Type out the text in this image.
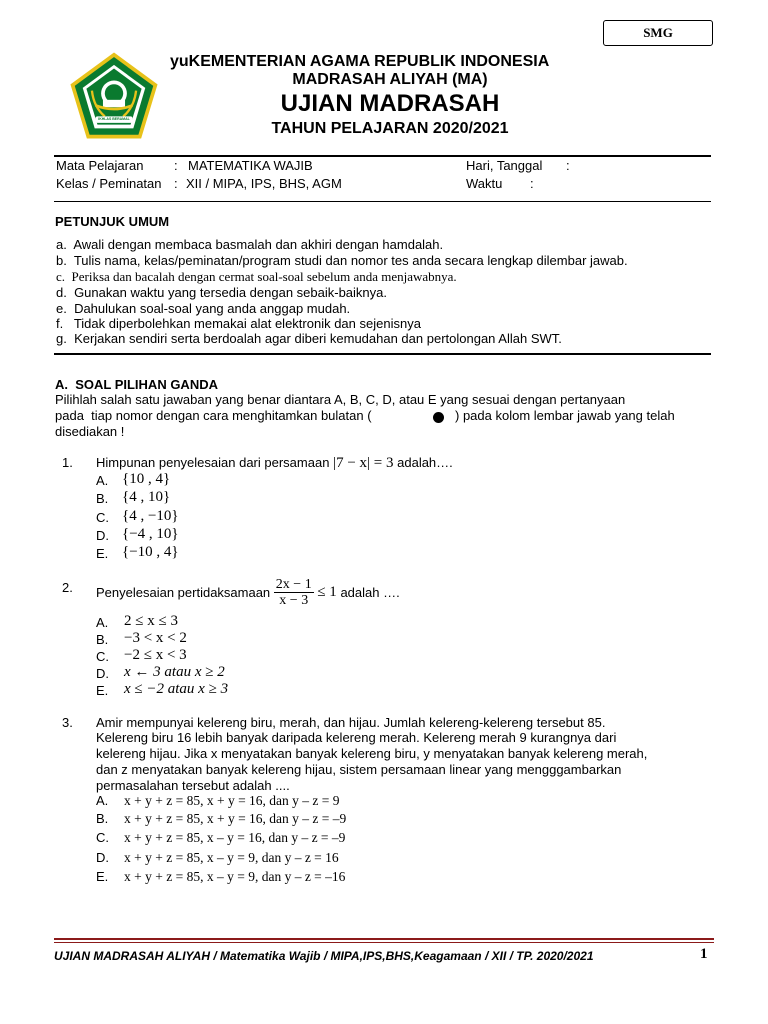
SMG
IKHLAS BERAMAL
yuKEMENTERIAN AGAMA REPUBLIK INDONESIA
MADRASAH ALIYAH (MA)
UJIAN MADRASAH
TAHUN PELAJARAN 2020/2021
Mata Pelajaran : MATEMATIKA WAJIB	Hari, Tanggal :
Kelas / Peminatan : XII / MIPA, IPS, BHS, AGM	Waktu :
PETUNJUK UMUM
a.  Awali dengan membaca basmalah dan akhiri dengan hamdalah.
b.  Tulis nama, kelas/peminatan/program studi dan nomor tes anda secara lengkap dilembar jawab.
c.  Periksa dan bacalah dengan cermat soal-soal sebelum anda menjawabnya.
d.  Gunakan waktu yang tersedia dengan sebaik-baiknya.
e.  Dahulukan soal-soal yang anda anggap mudah.
f.   Tidak diperbolehkan memakai alat elektronik dan sejenisnya
g.  Kerjakan sendiri serta berdoalah agar diberi kemudahan dan pertolongan Allah SWT.
A.  SOAL PILIHAN GANDA
Pilihlah salah satu jawaban yang benar diantara A, B, C, D, atau E yang sesuai dengan pertanyaan
pada  tiap nomor dengan cara menghitamkan bulatan (	) pada kolom lembar jawab yang telah
disediakan !
1. Himpunan penyelesaian dari persamaan |7 − x| = 3 adalah….
A. {10 , 4}
B. {4 , 10}
C. {4 , −10}
D. {−4 , 10}
E. {−10 , 4}
2. Penyelesaian pertidaksamaan $\frac{2x - 1}{x - 3} \le 1$ adalah ….
A. 2 ≤ x ≤ 3
B. −3 < x < 2
C. −2 ≤ x < 3
D. x ← 3 atau x ≥ 2
E. x ≤ −2 atau x ≥ 3
3. Amir mempunyai kelereng biru, merah, dan hijau. Jumlah kelereng-kelereng tersebut 85.
Kelereng biru 16 lebih banyak daripada kelereng merah. Kelereng merah 9 kurangnya dari
kelereng hijau. Jika x menyatakan banyak kelereng biru, y menyatakan banyak kelereng merah,
dan z menyatakan banyak kelereng hijau, sistem persamaan linear yang mengggambarkan
permasalahan tersebut adalah ....
A. x + y + z = 85, x + y = 16, dan y – z = 9
B. x + y + z = 85, x + y = 16, dan y – z = –9
C. x + y + z = 85, x – y = 16, dan y – z = –9
D. x + y + z = 85, x – y = 9, dan y – z = 16
E. x + y + z = 85, x – y = 9, dan y – z = –16
UJIAN MADRASAH ALIYAH / Matematika Wajib / MIPA,IPS,BHS,Keagamaan / XII / TP. 2020/2021	1
